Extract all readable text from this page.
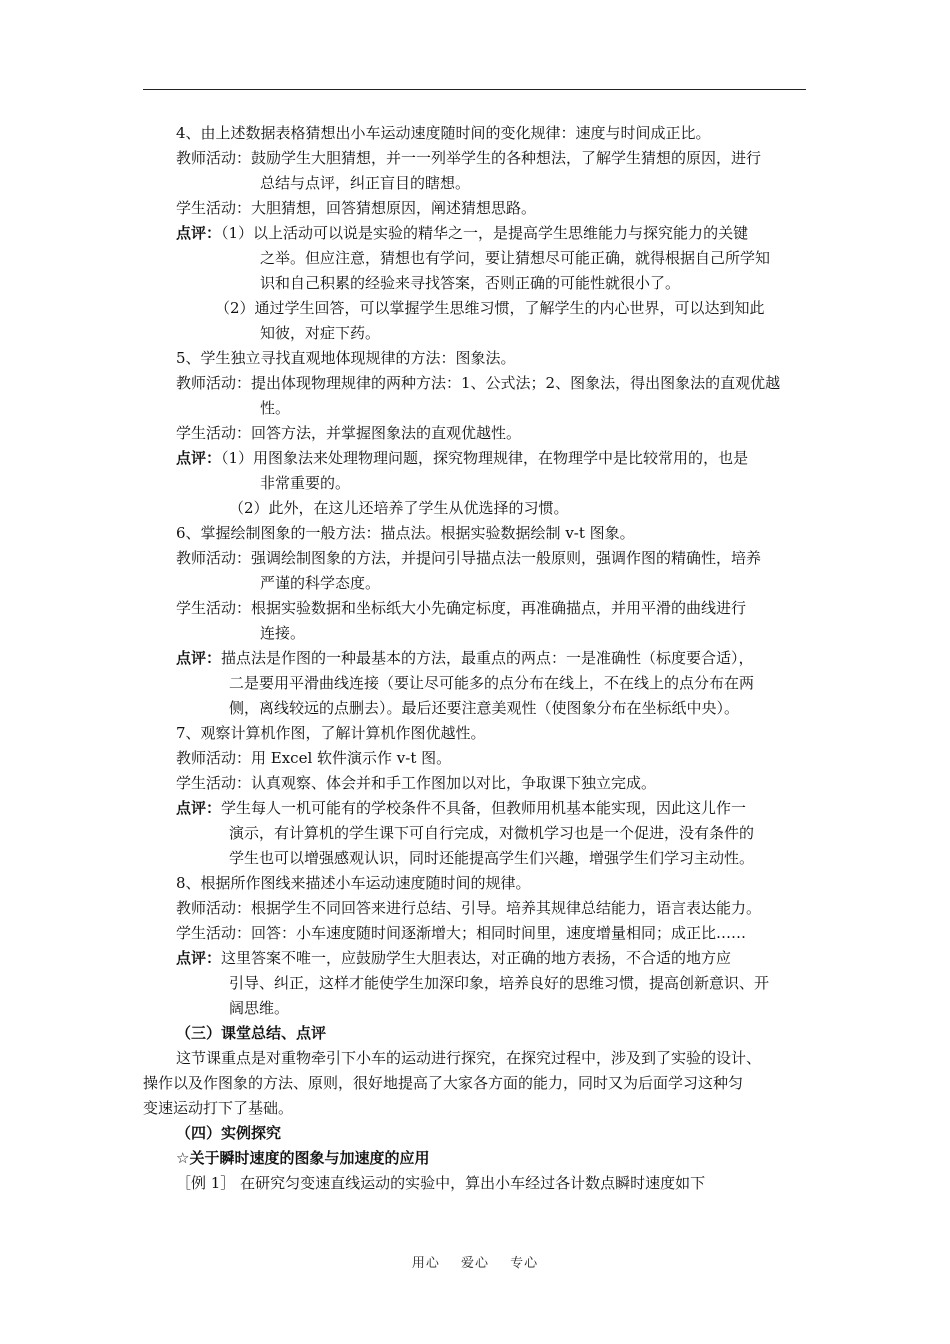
4、由上述数据表格猜想出小车运动速度随时间的变化规律：速度与时间成正比。
教师活动：鼓励学生大胆猜想，并一一列举学生的各种想法，了解学生猜想的原因，进行
总结与点评，纠正盲目的瞎想。
学生活动：大胆猜想，回答猜想原因，阐述猜想思路。
点评：（1）以上活动可以说是实验的精华之一，是提高学生思维能力与探究能力的关键
之举。但应注意，猜想也有学问，要让猜想尽可能正确，就得根据自己所学知
识和自己积累的经验来寻找答案，否则正确的可能性就很小了。
（2）通过学生回答，可以掌握学生思维习惯，了解学生的内心世界，可以达到知此
知彼，对症下药。
5、学生独立寻找直观地体现规律的方法：图象法。
教师活动：提出体现物理规律的两种方法：1、公式法；2、图象法，得出图象法的直观优越
性。
学生活动：回答方法，并掌握图象法的直观优越性。
点评：（1）用图象法来处理物理问题，探究物理规律，在物理学中是比较常用的，也是
非常重要的。
（2）此外，在这儿还培养了学生从优选择的习惯。
6、掌握绘制图象的一般方法：描点法。根据实验数据绘制 v-t 图象。
教师活动：强调绘制图象的方法，并提问引导描点法一般原则，强调作图的精确性，培养
严谨的科学态度。
学生活动：根据实验数据和坐标纸大小先确定标度，再准确描点，并用平滑的曲线进行
连接。
点评：描点法是作图的一种最基本的方法，最重点的两点：一是准确性（标度要合适），
二是要用平滑曲线连接（要让尽可能多的点分布在线上，不在线上的点分布在两
侧，离线较远的点删去）。最后还要注意美观性（使图象分布在坐标纸中央）。
7、观察计算机作图，了解计算机作图优越性。
教师活动：用 Excel 软件演示作 v-t 图。
学生活动：认真观察、体会并和手工作图加以对比，争取课下独立完成。
点评：学生每人一机可能有的学校条件不具备，但教师用机基本能实现，因此这儿作一
演示，有计算机的学生课下可自行完成，对微机学习也是一个促进，没有条件的
学生也可以增强感观认识，同时还能提高学生们兴趣，增强学生们学习主动性。
8、根据所作图线来描述小车运动速度随时间的规律。
教师活动：根据学生不同回答来进行总结、引导。培养其规律总结能力，语言表达能力。
学生活动：回答：小车速度随时间逐渐增大；相同时间里，速度增量相同；成正比……
点评：这里答案不唯一，应鼓励学生大胆表达，对正确的地方表扬，不合适的地方应
引导、纠正，这样才能使学生加深印象，培养良好的思维习惯，提高创新意识、开
阔思维。
（三）课堂总结、点评
这节课重点是对重物牵引下小车的运动进行探究，在探究过程中，涉及到了实验的设计、
操作以及作图象的方法、原则，很好地提高了大家各方面的能力，同时又为后面学习这种匀
变速运动打下了基础。
（四）实例探究
☆关于瞬时速度的图象与加速度的应用
［例 1］ 在研究匀变速直线运动的实验中，算出小车经过各计数点瞬时速度如下
用心 爱心 专心
